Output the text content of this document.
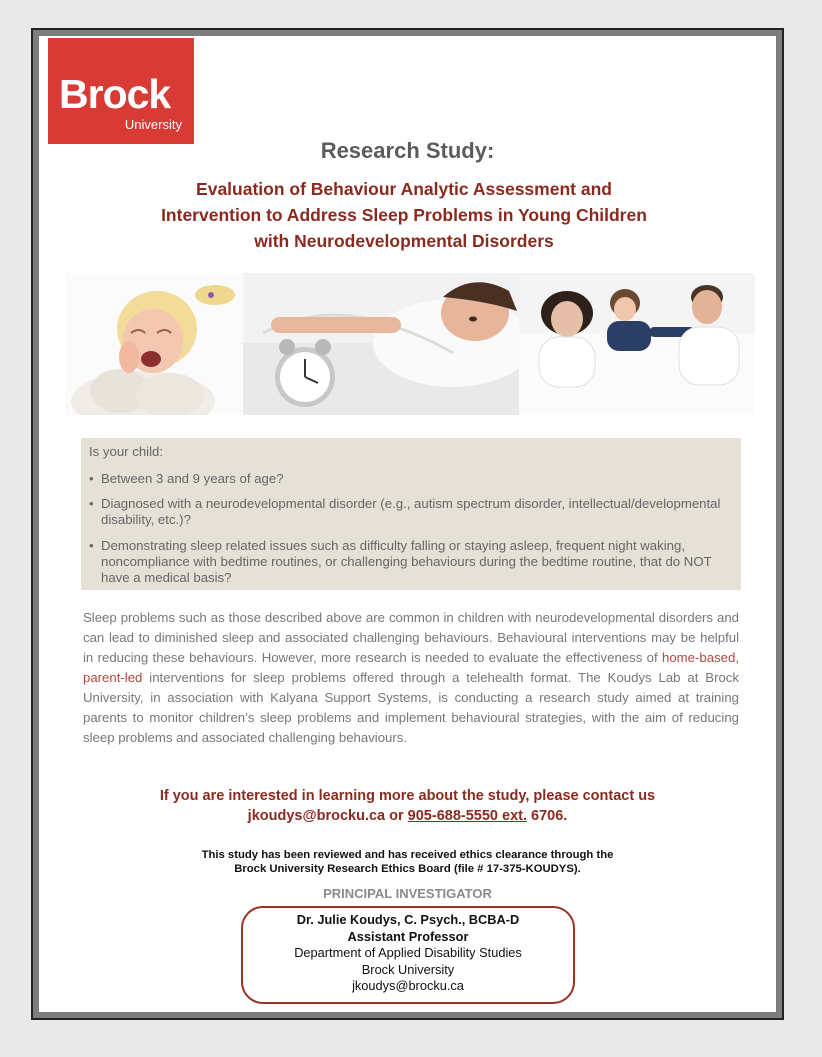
Brock
University
Research Study:
Evaluation of Behaviour Analytic Assessment and
Intervention to Address Sleep Problems in Young Children
with Neurodevelopmental Disorders
Is your child:
• Between 3 and 9 years of age?
• Diagnosed with a neurodevelopmental disorder (e.g., autism spectrum disorder, intellectual/developmental disability, etc.)?
• Demonstrating sleep related issues such as difficulty falling or staying asleep, frequent night waking, noncompliance with bedtime routines, or challenging behaviours during the bedtime routine, that do NOT have a medical basis?
Sleep problems such as those described above are common in children with neurodevelopmental disorders and can lead to diminished sleep and associated challenging behaviours. Behavioural interventions may be helpful in reducing these behaviours. However, more research is needed to evaluate the effectiveness of home-based, parent-led interventions for sleep problems offered through a telehealth format. The Koudys Lab at Brock University, in association with Kalyana Support Systems, is conducting a research study aimed at training parents to monitor children’s sleep problems and implement behavioural strategies, with the aim of reducing sleep problems and associated challenging behaviours.
If you are interested in learning more about the study, please contact us
jkoudys@brocku.ca or 905-688-5550 ext. 6706.
This study has been reviewed and has received ethics clearance through the
Brock University Research Ethics Board (file # 17-375-KOUDYS).
PRINCIPAL INVESTIGATOR
Dr. Julie Koudys, C. Psych., BCBA-D
Assistant Professor
Department of Applied Disability Studies
Brock University
jkoudys@brocku.ca
